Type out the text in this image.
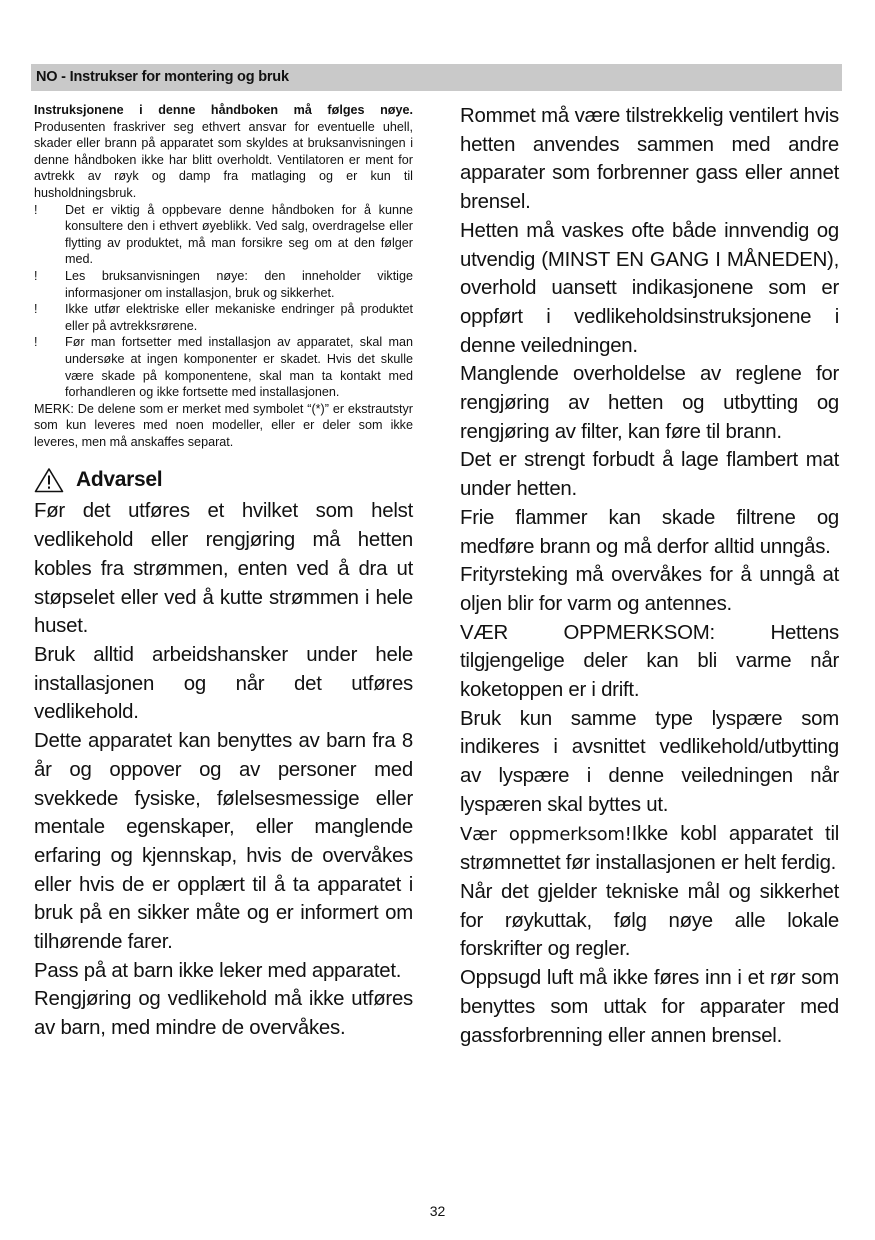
NO - Instrukser for montering og bruk

Instruksjonene i denne håndboken må følges nøye. Produsenten fraskriver seg ethvert ansvar for eventuelle uhell, skader eller brann på apparatet som skyldes at bruksanvisningen i denne håndboken ikke har blitt overholdt. Ventilatoren er ment for avtrekk av røyk og damp fra matlaging og er kun til husholdningsbruk.

! Det er viktig å oppbevare denne håndboken for å kunne konsultere den i ethvert øyeblikk. Ved salg, overdragelse eller flytting av produktet, må man forsikre seg om at den følger med.
! Les bruksanvisningen nøye: den inneholder viktige informasjoner om installasjon, bruk og sikkerhet.
! Ikke utfør elektriske eller mekaniske endringer på produktet eller på avtrekksrørene.
! Før man fortsetter med installasjon av apparatet, skal man undersøke at ingen komponenter er skadet. Hvis det skulle være skade på komponentene, skal man ta kontakt med forhandleren og ikke fortsette med installasjonen.

MERK: De delene som er merket med symbolet “(*)” er ekstrautstyr som kun leveres med noen modeller, eller er deler som ikke leveres, men må anskaffes separat.

Advarsel

Før det utføres et hvilket som helst vedlikehold eller rengjøring må hetten kobles fra strømmen, enten ved å dra ut støpselet eller ved å kutte strømmen i hele huset.

Bruk alltid arbeidshansker under hele installasjonen og når det utføres vedlikehold.

Dette apparatet kan benyttes av barn fra 8 år og oppover og av personer med svekkede fysiske, følelsesmessige eller mentale egenskaper, eller manglende erfaring og kjennskap, hvis de overvåkes eller hvis de er opplært til å ta apparatet i bruk på en sikker måte og er informert om tilhørende farer.

Pass på at barn ikke leker med apparatet.

Rengjøring og vedlikehold må ikke utføres av barn, med mindre de overvåkes.

Rommet må være tilstrekkelig ventilert hvis hetten anvendes sammen med andre apparater som forbrenner gass eller annet brensel.

Hetten må vaskes ofte både innvendig og utvendig (MINST EN GANG I MÅNEDEN), overhold uansett indikasjonene som er oppført i vedlikeholdsinstruksjonene i denne veiledningen.

Manglende overholdelse av reglene for rengjøring av hetten og utbytting og rengjøring av filter, kan føre til brann.

Det er strengt forbudt å lage flambert mat under hetten.

Frie flammer kan skade filtrene og medføre brann og må derfor alltid unngås.

Frityrsteking må overvåkes for å unngå at oljen blir for varm og antennes.

VÆR OPPMERKSOM: Hettens tilgjengelige deler kan bli varme når koketoppen er i drift.

Bruk kun samme type lyspære som indikeres i avsnittet vedlikehold/utbytting av lyspære i denne veiledningen når lyspæren skal byttes ut.

Vær oppmerksom!Ikke kobl apparatet til strømnettet før installasjonen er helt ferdig.

Når det gjelder tekniske mål og sikkerhet for røykuttak, følg nøye alle lokale forskrifter og regler.

Oppsugd luft må ikke føres inn i et rør som benyttes som uttak for apparater med gassforbrenning eller annen brensel.

32
